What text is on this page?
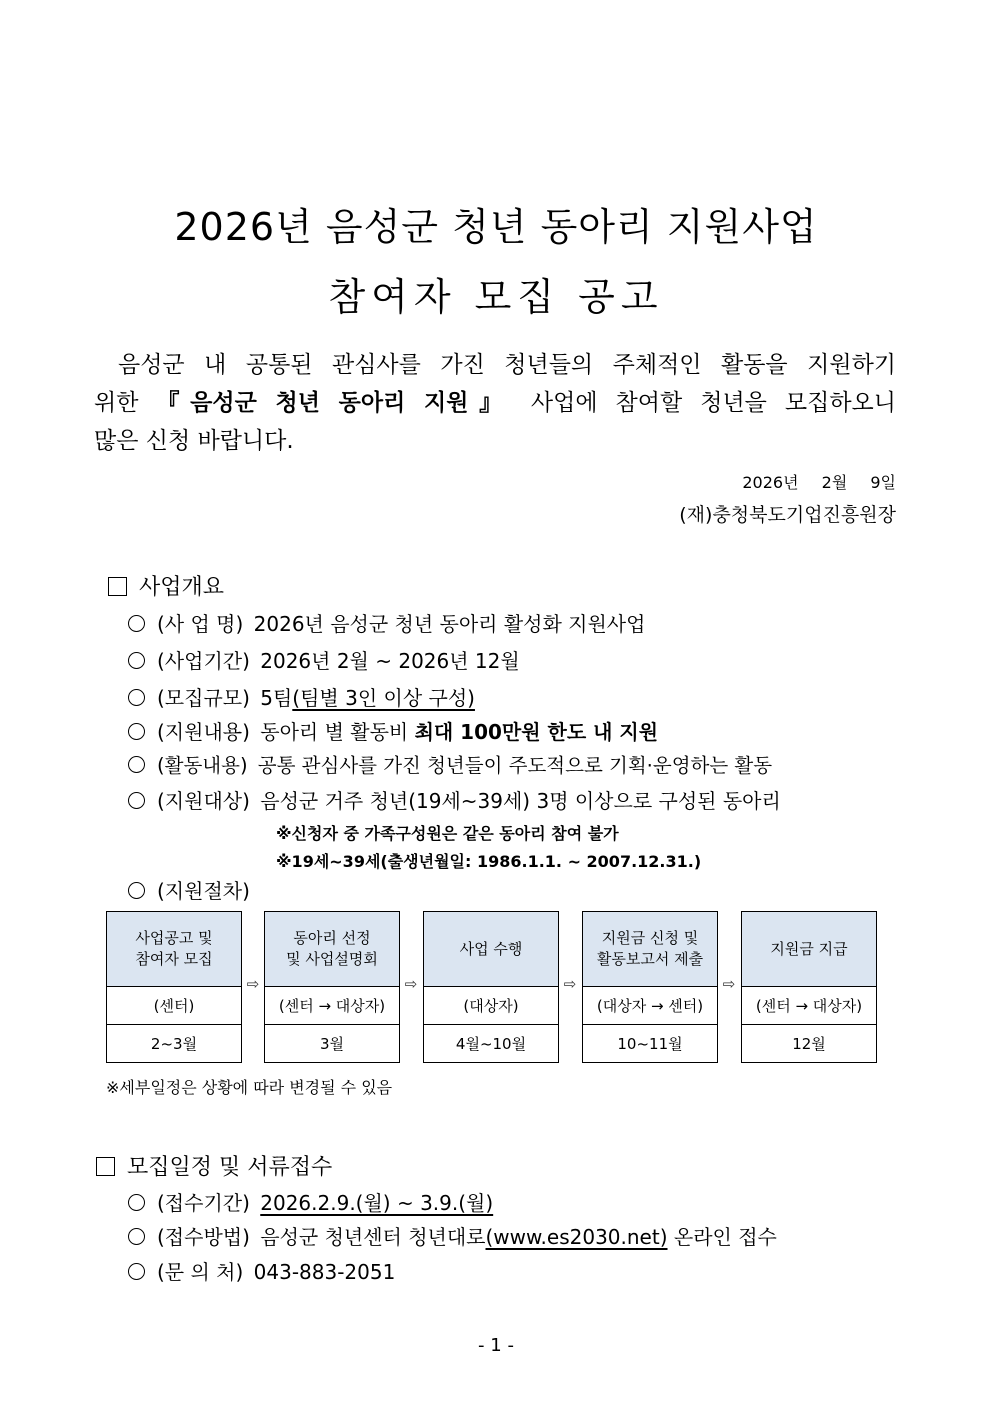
2026년 음성군 청년 동아리 지원사업
참여자 모집 공고
음성군 내 공통된 관심사를 가진 청년들의 주체적인 활동을 지원하기
위한 『음성군 청년 동아리 지원』 사업에 참여할 청년을 모집하오니
많은 신청 바랍니다.
2026년 2월 9일
(재)충청북도기업진흥원장
사업개요
(사 업 명) 2026년 음성군 청년 동아리 활성화 지원사업
(사업기간) 2026년 2월 ~ 2026년 12월
(모집규모) 5팀(팀별 3인 이상 구성)
(지원내용) 동아리 별 활동비 최대 100만원 한도 내 지원
(활동내용) 공통 관심사를 가진 청년들이 주도적으로 기획·운영하는 활동
(지원대상) 음성군 거주 청년(19세~39세) 3명 이상으로 구성된 동아리
※신청자 중 가족구성원은 같은 동아리 참여 불가
※19세~39세(출생년월일: 1986.1.1. ~ 2007.12.31.)
(지원절차)
사업공고 및
참여자 모집
(센터)
2~3월
⇨
동아리 선정
및 사업설명회
(센터 → 대상자)
3월
⇨
사업 수행
(대상자)
4월~10월
⇨
지원금 신청 및
활동보고서 제출
(대상자 → 센터)
10~11월
⇨
지원금 지급
(센터 → 대상자)
12월
※세부일정은 상황에 따라 변경될 수 있음
모집일정 및 서류접수
(접수기간) 2026.2.9.(월) ~ 3.9.(월)
(접수방법) 음성군 청년센터 청년대로(www.es2030.net) 온라인 접수
(문 의 처) 043-883-2051
- 1 -
